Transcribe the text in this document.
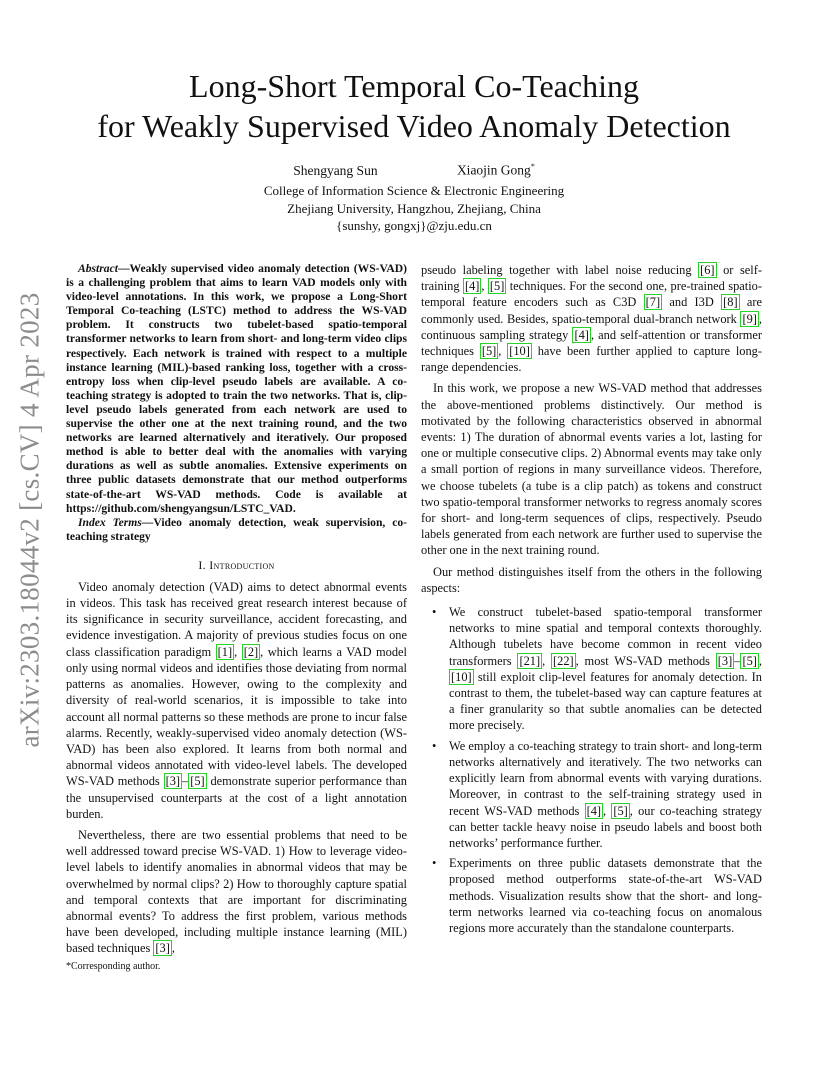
arXiv:2303.18044v2 [cs.CV] 4 Apr 2023
Long-Short Temporal Co-Teaching
for Weakly Supervised Video Anomaly Detection
Shengyang Sun	Xiaojin Gong*
College of Information Science & Electronic Engineering
Zhejiang University, Hangzhou, Zhejiang, China
{sunshy, gongxj}@zju.edu.cn

Abstract—Weakly supervised video anomaly detection (WS-VAD) is a challenging problem that aims to learn VAD models only with video-level annotations. In this work, we propose a Long-Short Temporal Co-teaching (LSTC) method to address the WS-VAD problem. It constructs two tubelet-based spatio-temporal transformer networks to learn from short- and long-term video clips respectively. Each network is trained with respect to a multiple instance learning (MIL)-based ranking loss, together with a cross-entropy loss when clip-level pseudo labels are available. A co-teaching strategy is adopted to train the two networks. That is, clip-level pseudo labels generated from each network are used to supervise the other one at the next training round, and the two networks are learned alternatively and iteratively. Our proposed method is able to better deal with the anomalies with varying durations as well as subtle anomalies. Extensive experiments on three public datasets demonstrate that our method outperforms state-of-the-art WS-VAD methods. Code is available at https://github.com/shengyangsun/LSTC_VAD.

Index Terms—Video anomaly detection, weak supervision, co-teaching strategy

I. Introduction

Video anomaly detection (VAD) aims to detect abnormal events in videos. This task has received great research interest because of its significance in security surveillance, accident forecasting, and evidence investigation. A majority of previous studies focus on one class classification paradigm [1] , [2] , which learns a VAD model only using normal videos and identifies those deviating from normal patterns as anomalies. However, owing to the complexity and diversity of real-world scenarios, it is impossible to take into account all normal patterns so these methods are prone to incur false alarms. Recently, weakly-supervised video anomaly detection (WS-VAD) has been also explored. It learns from both normal and abnormal videos annotated with video-level labels. The developed WS-VAD methods [3] – [5] demonstrate superior performance than the unsupervised counterparts at the cost of a light annotation burden.

Nevertheless, there are two essential problems that need to be well addressed toward precise WS-VAD. 1) How to leverage video-level labels to identify anomalies in abnormal videos that may be overwhelmed by normal clips? 2) How to thoroughly capture spatial and temporal contexts that are important for discriminating abnormal events? To address the first problem, various methods have been developed, including multiple instance learning (MIL) based techniques [3] ,

pseudo labeling together with label noise reducing [6] or self-training [4] , [5] techniques. For the second one, pre-trained spatio-temporal feature encoders such as C3D [7] and I3D [8] are commonly used. Besides, spatio-temporal dual-branch network [9] , continuous sampling strategy [4] , and self-attention or transformer techniques [5] , [10] have been further applied to capture long-range dependencies.

In this work, we propose a new WS-VAD method that addresses the above-mentioned problems distinctively. Our method is motivated by the following characteristics observed in abnormal events: 1) The duration of abnormal events varies a lot, lasting for one or multiple consecutive clips. 2) Abnormal events may take only a small portion of regions in many surveillance videos. Therefore, we choose tubelets (a tube is a clip patch) as tokens and construct two spatio-temporal transformer networks to regress anomaly scores for short- and long-term sequences of clips, respectively. Pseudo labels generated from each network are further used to supervise the other one in the next training round.

Our method distinguishes itself from the others in the following aspects:

• We construct tubelet-based spatio-temporal transformer networks to mine spatial and temporal contexts thoroughly. Although tubelets have become common in recent video transformers [21] , [22] , most WS-VAD methods [3] – [5] , [10] still exploit clip-level features for anomaly detection. In contrast to them, the tubelet-based way can capture features at a finer granularity so that subtle anomalies can be detected more precisely.
• We employ a co-teaching strategy to train short- and long-term networks alternatively and iteratively. The two networks can explicitly learn from abnormal events with varying durations. Moreover, in contrast to the self-training strategy used in recent WS-VAD methods [4] , [5] , our co-teaching strategy can better tackle heavy noise in pseudo labels and boost both networks’ performance further.
• Experiments on three public datasets demonstrate that the proposed method outperforms state-of-the-art WS-VAD methods. Visualization results show that the short- and long-term networks learned via co-teaching focus on anomalous regions more accurately than the standalone counterparts.
*Corresponding author.
